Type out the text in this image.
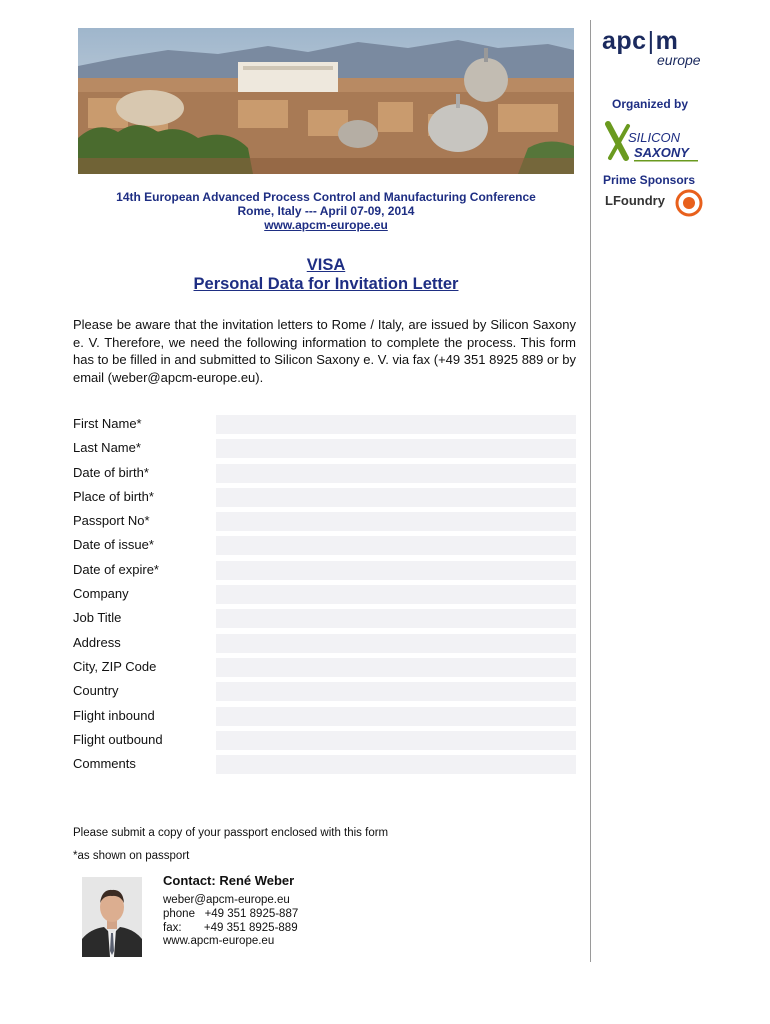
apc|m
europe
Organized by
SILICON
SAXONY
Prime Sponsors
LFoundry
14th European Advanced Process Control and Manufacturing Conference
Rome, Italy --- April 07-09, 2014
www.apcm-europe.eu
VISA
Personal Data for Invitation Letter
Please be aware that the invitation letters to Rome / Italy, are issued by Silicon Saxony e. V. Therefore, we need the following information to complete the process. This form has to be filled in and submitted to Silicon Saxony e. V. via fax (+49 351 8925 889 or by email (weber@apcm-europe.eu).
First Name*
Last Name*
Date of birth*
Place of birth*
Passport No*
Date of issue*
Date of expire*
Company
Job Title
Address
City, ZIP Code
Country
Flight inbound
Flight outbound
Comments
Please submit a copy of your passport enclosed with this form
*as shown on passport
Contact: René Weber
weber@apcm-europe.eu
phone   +49 351 8925-887
fax:       +49 351 8925-889
www.apcm-europe.eu
